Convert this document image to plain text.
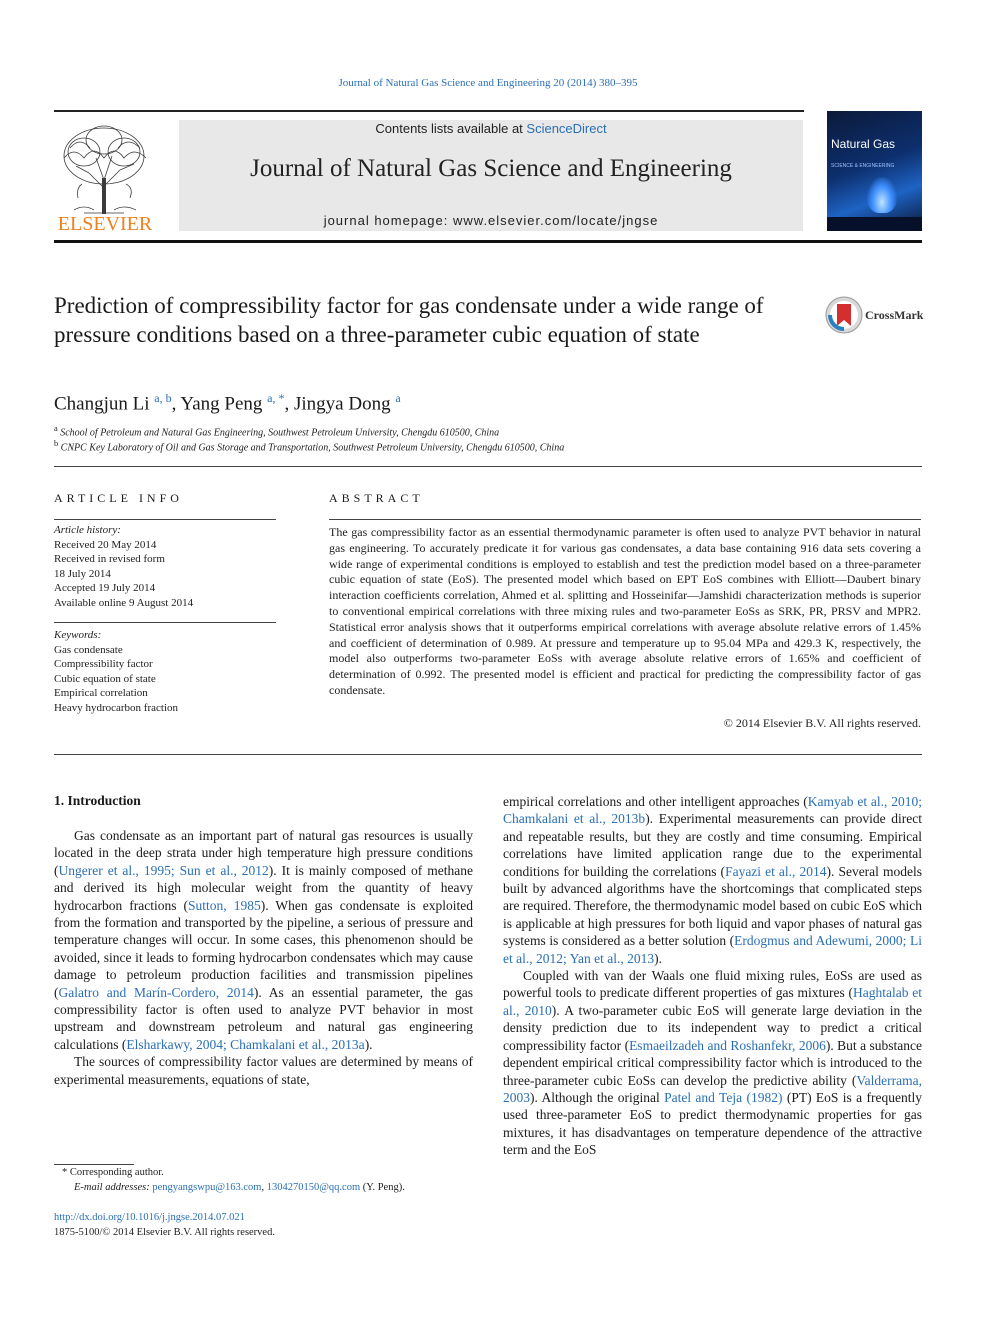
Journal of Natural Gas Science and Engineering 20 (2014) 380–395
ELSEVIER
Contents lists available at ScienceDirect
Journal of Natural Gas Science and Engineering
journal homepage: www.elsevier.com/locate/jngse
Natural Gas
SCIENCE & ENGINEERING
Prediction of compressibility factor for gas condensate under a wide range of pressure conditions based on a three-parameter cubic equation of state
CrossMark
Changjun Li $^{a, b}$, Yang Peng $^{a, *}$, Jingya Dong $^a$
$^a$ School of Petroleum and Natural Gas Engineering, Southwest Petroleum University, Chengdu 610500, China
$^b$ CNPC Key Laboratory of Oil and Gas Storage and Transportation, Southwest Petroleum University, Chengdu 610500, China
ARTICLE INFO	ABSTRACT
Article history:
Received 20 May 2014
Received in revised form
18 July 2014
Accepted 19 July 2014
Available online 9 August 2014
Keywords:
Gas condensate
Compressibility factor
Cubic equation of state
Empirical correlation
Heavy hydrocarbon fraction
The gas compressibility factor as an essential thermodynamic parameter is often used to analyze PVT behavior in natural gas engineering. To accurately predicate it for various gas condensates, a data base containing 916 data sets covering a wide range of experimental conditions is employed to establish and test the prediction model based on a three-parameter cubic equation of state (EoS). The presented model which based on EPT EoS combines with Elliott—Daubert binary interaction coefficients correlation, Ahmed et al. splitting and Hosseinifar—Jamshidi characterization methods is superior to conventional empirical correlations with three mixing rules and two-parameter EoSs as SRK, PR, PRSV and MPR2. Statistical error analysis shows that it outperforms empirical correlations with average absolute relative errors of 1.45% and coefficient of determination of 0.989. At pressure and temperature up to 95.04 MPa and 429.3 K, respectively, the model also outperforms two-parameter EoSs with average absolute relative errors of 1.65% and coefficient of determination of 0.992. The presented model is efficient and practical for predicting the compressibility factor of gas condensate.
© 2014 Elsevier B.V. All rights reserved.
1. Introduction

Gas condensate as an important part of natural gas resources is usually located in the deep strata under high temperature high pressure conditions (Ungerer et al., 1995; Sun et al., 2012). It is mainly composed of methane and derived its high molecular weight from the quantity of heavy hydrocarbon fractions (Sutton, 1985). When gas condensate is exploited from the formation and transported by the pipeline, a serious of pressure and temperature changes will occur. In some cases, this phenomenon should be avoided, since it leads to forming hydrocarbon condensates which may cause damage to petroleum production facilities and transmission pipelines (Galatro and Marín-Cordero, 2014). As an essential parameter, the gas compressibility factor is often used to analyze PVT behavior in most upstream and downstream petroleum and natural gas engineering calculations (Elsharkawy, 2004; Chamkalani et al., 2013a).

The sources of compressibility factor values are determined by means of experimental measurements, equations of state,

empirical correlations and other intelligent approaches (Kamyab et al., 2010; Chamkalani et al., 2013b). Experimental measurements can provide direct and repeatable results, but they are costly and time consuming. Empirical correlations have limited application range due to the experimental conditions for building the correlations (Fayazi et al., 2014). Several models built by advanced algorithms have the shortcomings that complicated steps are required. Therefore, the thermodynamic model based on cubic EoS which is applicable at high pressures for both liquid and vapor phases of natural gas systems is considered as a better solution (Erdogmus and Adewumi, 2000; Li et al., 2012; Yan et al., 2013).

Coupled with van der Waals one fluid mixing rules, EoSs are used as powerful tools to predicate different properties of gas mixtures (Haghtalab et al., 2010). A two-parameter cubic EoS will generate large deviation in the density prediction due to its independent way to predict a critical compressibility factor (Esmaeilzadeh and Roshanfekr, 2006). But a substance dependent empirical critical compressibility factor which is introduced to the three-parameter cubic EoSs can develop the predictive ability (Valderrama, 2003). Although the original Patel and Teja (1982) (PT) EoS is a frequently used three-parameter EoS to predict thermodynamic properties for gas mixtures, it has disadvantages on temperature dependence of the attractive term and the EoS

* Corresponding author.
E-mail addresses: pengyangswpu@163.com, 1304270150@qq.com (Y. Peng).
http://dx.doi.org/10.1016/j.jngse.2014.07.021
1875-5100/© 2014 Elsevier B.V. All rights reserved.
